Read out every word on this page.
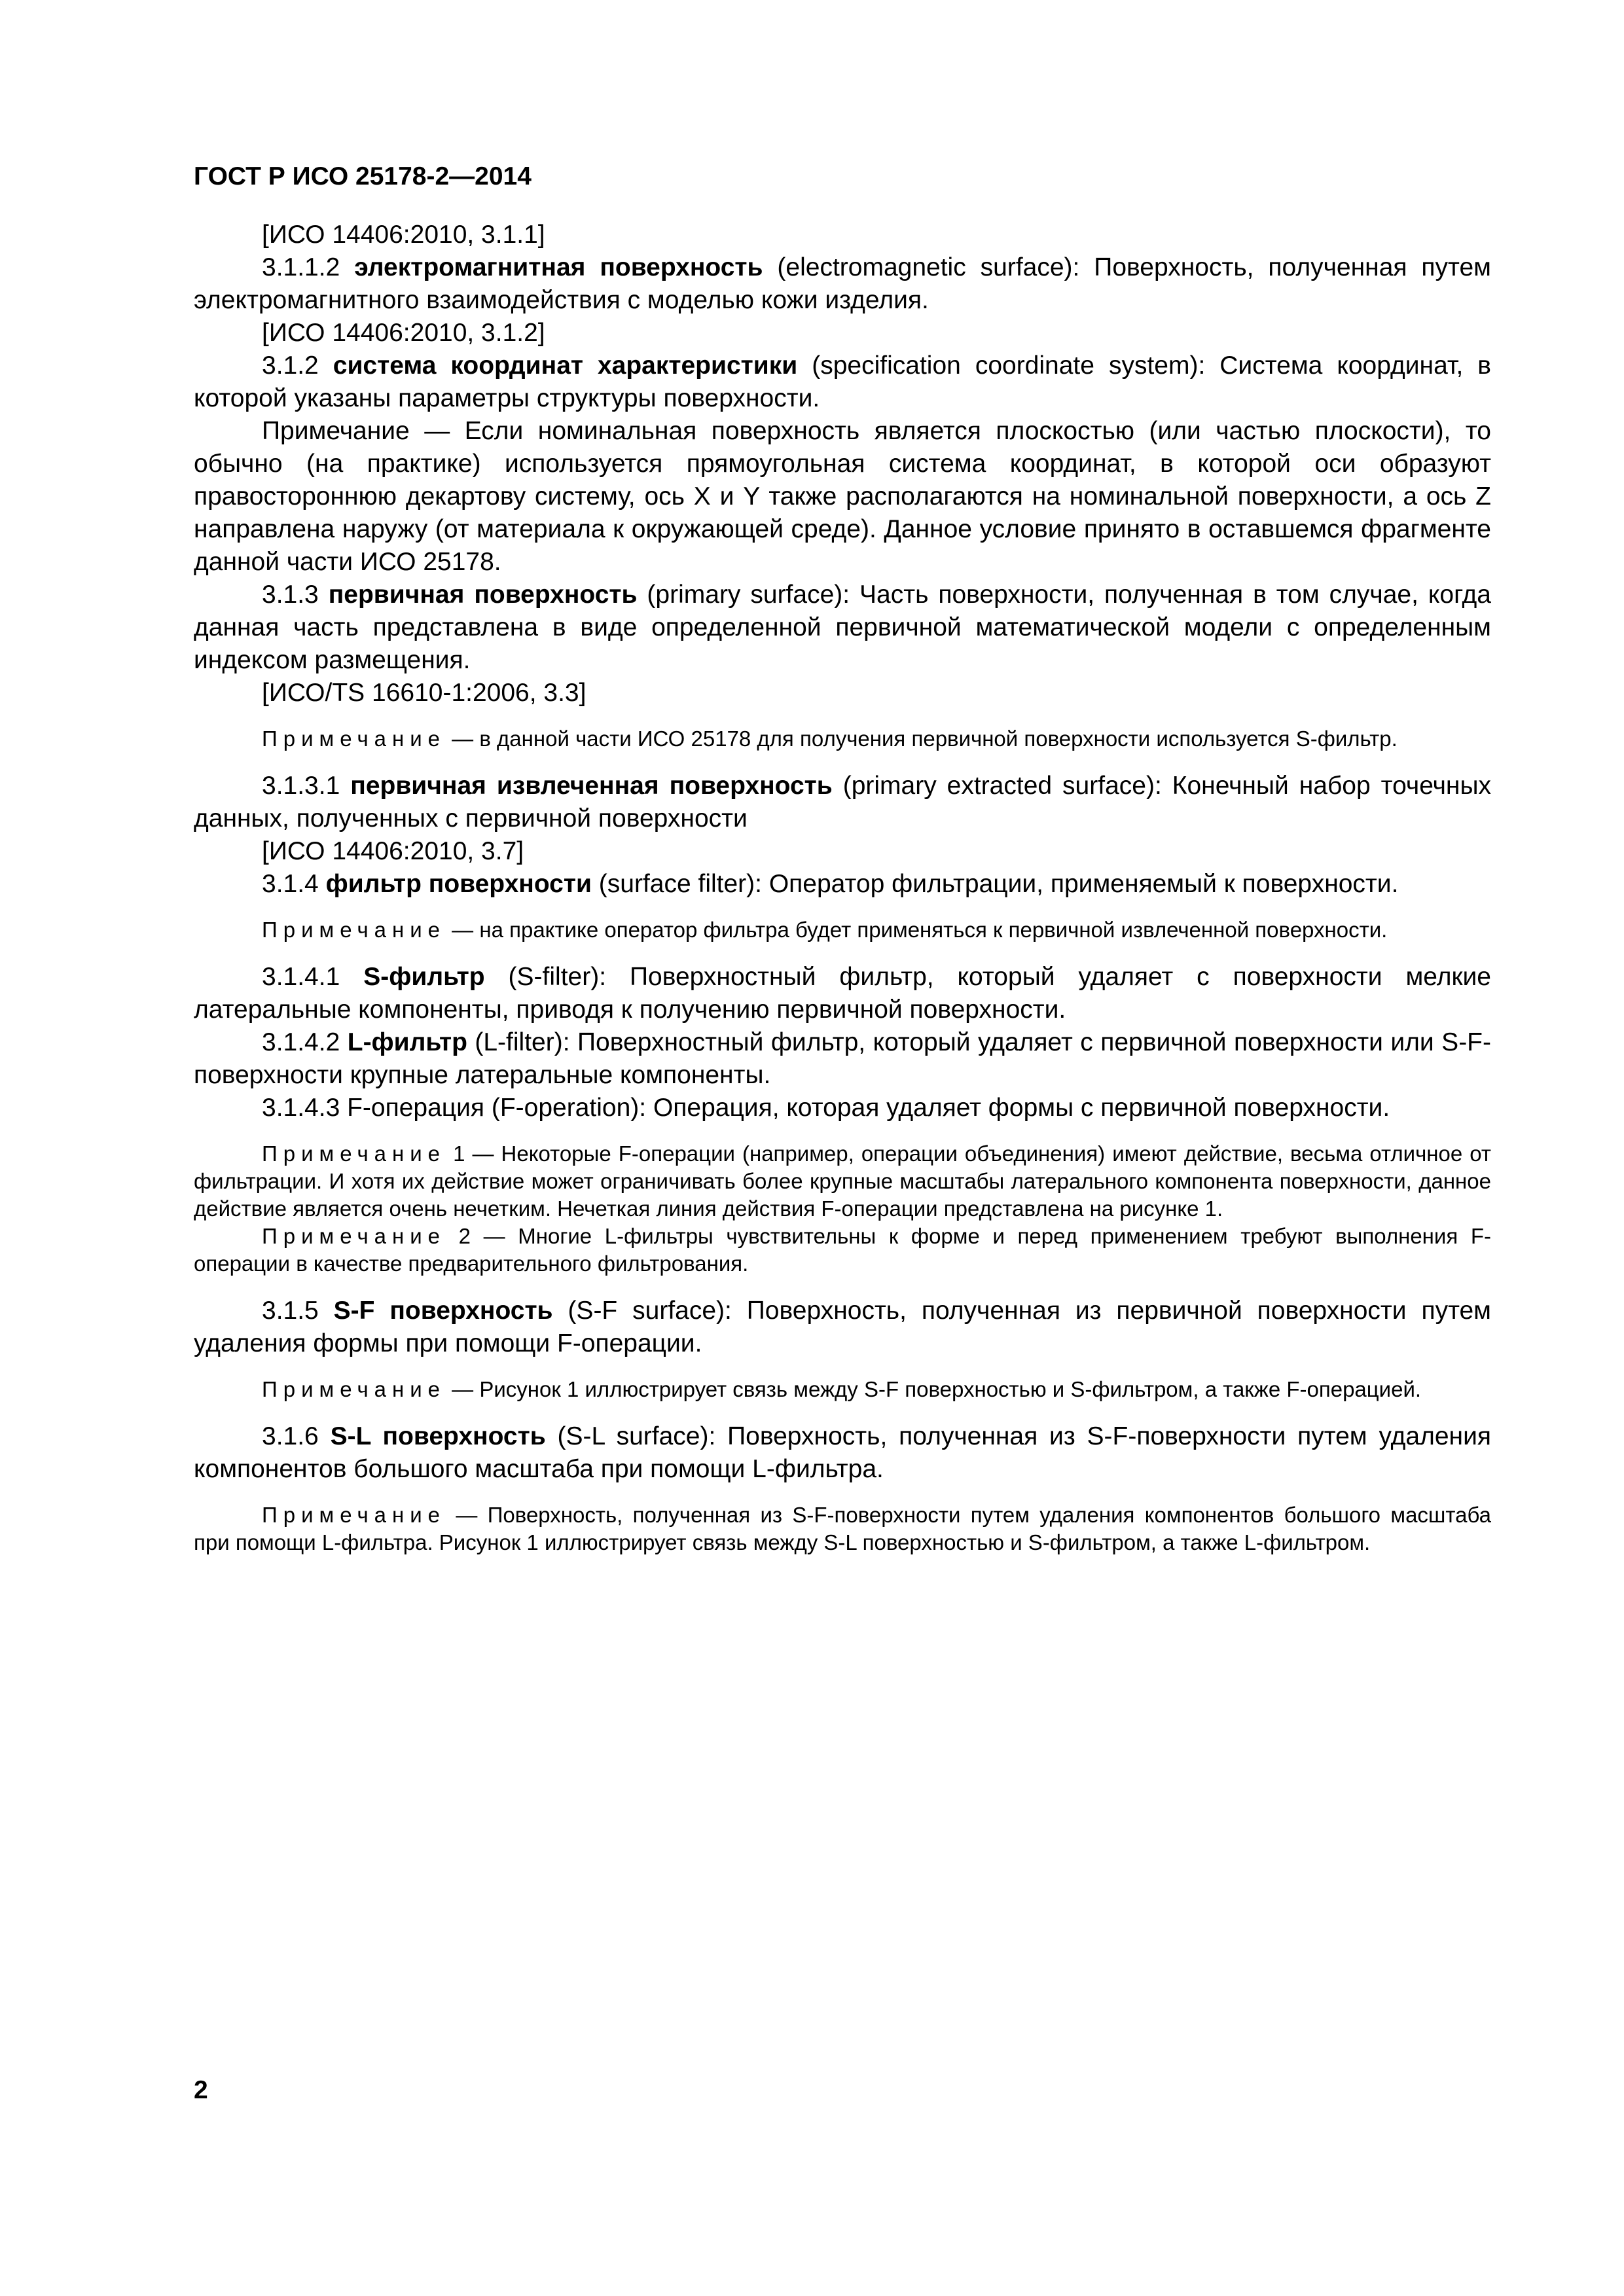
ГОСТ Р ИСО 25178-2—2014

[ИСО 14406:2010, 3.1.1]

3.1.1.2 электромагнитная поверхность (electromagnetic surface): Поверхность, полученная путем электромагнитного взаимодействия с моделью кожи изделия.

[ИСО 14406:2010, 3.1.2]

3.1.2 система координат характеристики (specification coordinate system): Система координат, в которой указаны параметры структуры поверхности.

Примечание — Если номинальная поверхность является плоскостью (или частью плоскости), то обычно (на практике) используется прямоугольная система координат, в которой оси образуют правостороннюю декартову систему, ось X и Y также располагаются на номинальной поверхности, а ось Z направлена наружу (от материала к окружающей среде). Данное условие принято в оставшемся фрагменте данной части ИСО 25178.

3.1.3 первичная поверхность (primary surface): Часть поверхности, полученная в том случае, когда данная часть представлена в виде определенной первичной математической модели с определенным индексом размещения.

[ИСО/TS 16610-1:2006, 3.3]

Примечание — в данной части ИСО 25178 для получения первичной поверхности используется S-фильтр.

3.1.3.1 первичная извлеченная поверхность (primary extracted surface): Конечный набор точечных данных, полученных с первичной поверхности

[ИСО 14406:2010, 3.7]

3.1.4 фильтр поверхности (surface filter): Оператор фильтрации, применяемый к поверхности.

Примечание — на практике оператор фильтра будет применяться к первичной извлеченной поверхности.

3.1.4.1 S-фильтр (S-filter): Поверхностный фильтр, который удаляет с поверхности мелкие латеральные компоненты, приводя к получению первичной поверхности.

3.1.4.2 L-фильтр (L-filter): Поверхностный фильтр, который удаляет с первичной поверхности или S-F-поверхности крупные латеральные компоненты.

3.1.4.3 F-операция (F-operation): Операция, которая удаляет формы с первичной поверхности.

Примечание 1 — Некоторые F-операции (например, операции объединения) имеют действие, весьма отличное от фильтрации. И хотя их действие может ограничивать более крупные масштабы латерального компонента поверхности, данное действие является очень нечетким. Нечеткая линия действия F-операции представлена на рисунке 1.

Примечание 2 — Многие L-фильтры чувствительны к форме и перед применением требуют выполнения F-операции в качестве предварительного фильтрования.

3.1.5 S-F поверхность (S-F surface): Поверхность, полученная из первичной поверхности путем удаления формы при помощи F-операции.

Примечание — Рисунок 1 иллюстрирует связь между S-F поверхностью и S-фильтром, а также F-операцией.

3.1.6 S-L поверхность (S-L surface): Поверхность, полученная из S-F-поверхности путем удаления компонентов большого масштаба при помощи L-фильтра.

Примечание — Поверхность, полученная из S-F-поверхности путем удаления компонентов большого масштаба при помощи L-фильтра. Рисунок 1 иллюстрирует связь между S-L поверхностью и S-фильтром, а также L-фильтром.

2
